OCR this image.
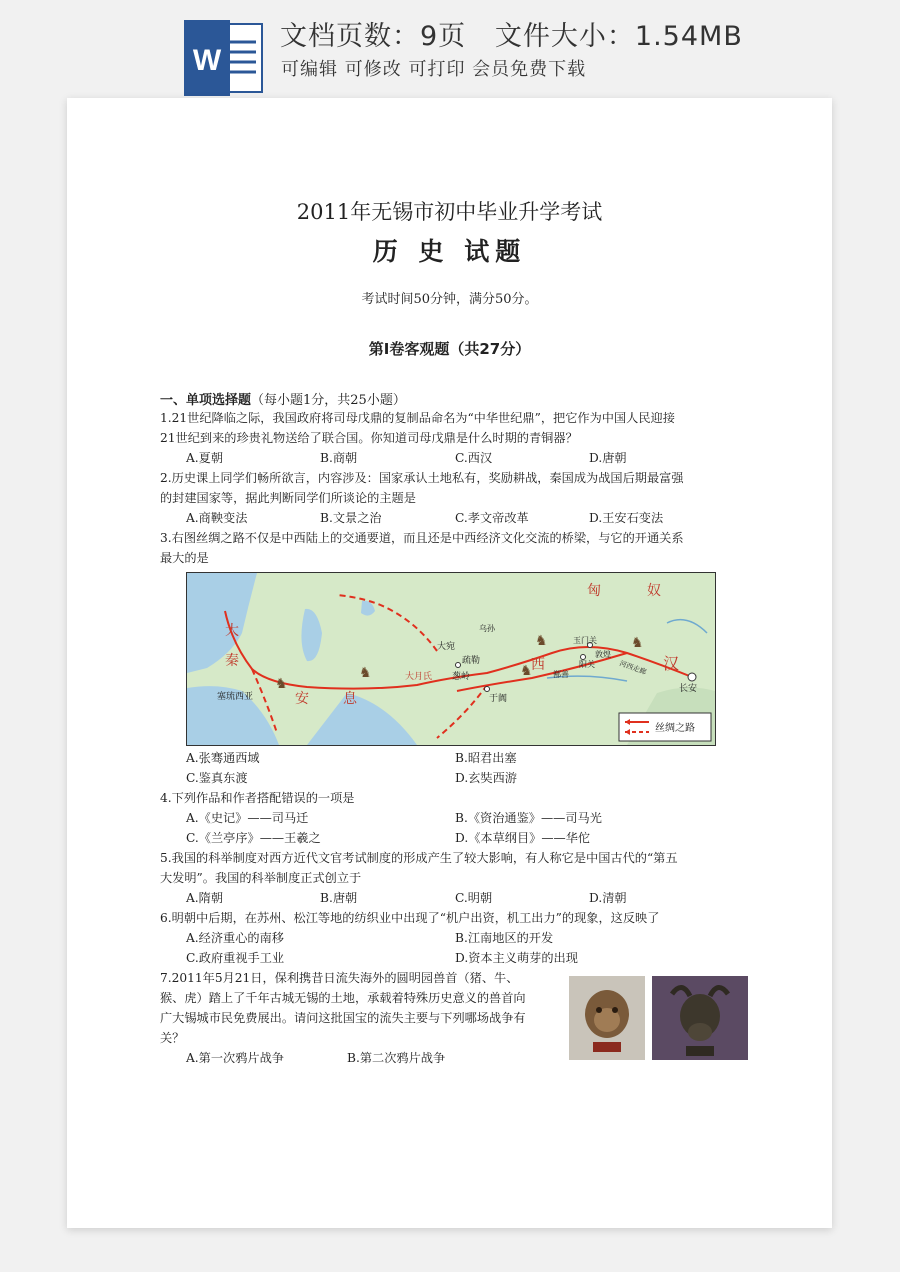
W
文档页数：9页   文件大小：1.54MB
可编辑 可修改 可打印 会员免费下载
2011年无锡市初中毕业升学考试
历 史 试题
考试时间50分钟，满分50分。
第Ⅰ卷客观题（共27分）
一、单项选择题（每小题1分，共25小题）
1.21世纪降临之际，我国政府将司母戊鼎的复制品命名为“中华世纪鼎”，把它作为中国人民迎接
21世纪到来的珍贵礼物送给了联合国。你知道司母戊鼎是什么时期的青铜器？
A.夏朝	B.商朝	C.西汉	D.唐朝
2.历史课上同学们畅所欲言，内容涉及：国家承认土地私有，奖励耕战，秦国成为战国后期最富强
的封建国家等，据此判断同学们所谈论的主题是
A.商鞅变法	B.文景之治	C.孝文帝改革	D.王安石变法
3.右图丝绸之路不仅是中西陆上的交通要道，而且还是中西经济文化交流的桥梁，与它的开通关系
最大的是
♞
♞
♞	♞
♞
匈	奴
大
秦
安 息
西	汉
大宛
疏勒
葱岭
于阗
大月氏
玉门关
敦煌
阳关
鄯善	河西走廊
长安
塞琉西亚
乌孙
丝绸之路
A.张骞通西域	B.昭君出塞
C.鉴真东渡	D.玄奘西游
4.下列作品和作者搭配错误的一项是
A.《史记》——司马迁	B.《资治通鉴》——司马光
C.《兰亭序》——王羲之	D.《本草纲目》——华佗
5.我国的科举制度对西方近代文官考试制度的形成产生了较大影响，有人称它是中国古代的“第五
大发明”。我国的科举制度正式创立于
A.隋朝	B.唐朝	C.明朝	D.清朝
6.明朝中后期，在苏州、松江等地的纺织业中出现了“机户出资，机工出力”的现象，这反映了
A.经济重心的南移	B.江南地区的开发
C.政府重视手工业	D.资本主义萌芽的出现
7.2011年5月21日，保利携昔日流失海外的圆明园兽首（猪、牛、
猴、虎）踏上了千年古城无锡的土地，承载着特殊历史意义的兽首向
广大锡城市民免费展出。请问这批国宝的流失主要与下列哪场战争有
关？
A.第一次鸦片战争	B.第二次鸦片战争
